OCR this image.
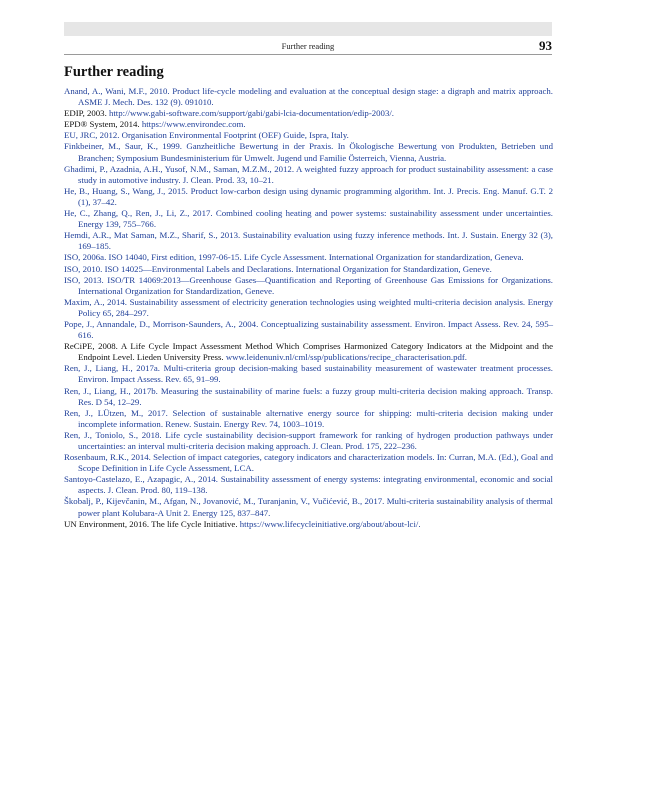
Further reading	93
Further reading
Anand, A., Wani, M.F., 2010. Product life-cycle modeling and evaluation at the conceptual design stage: a digraph and matrix approach. ASME J. Mech. Des. 132 (9). 091010.
EDIP, 2003. http://www.gabi-software.com/support/gabi/gabi-lcia-documentation/edip-2003/.
EPD® System, 2014. https://www.environdec.com.
EU, JRC, 2012. Organisation Environmental Footprint (OEF) Guide, Ispra, Italy.
Finkbeiner, M., Saur, K., 1999. Ganzheitliche Bewertung in der Praxis. In Ökologische Bewertung von Produkten, Betrieben und Branchen; Symposium Bundesministerium für Umwelt. Jugend und Familie Österreich, Vienna, Austria.
Ghadimi, P., Azadnia, A.H., Yusof, N.M., Saman, M.Z.M., 2012. A weighted fuzzy approach for product sustainability assessment: a case study in automotive industry. J. Clean. Prod. 33, 10–21.
He, B., Huang, S., Wang, J., 2015. Product low-carbon design using dynamic programming algorithm. Int. J. Precis. Eng. Manuf. G.T. 2 (1), 37–42.
He, C., Zhang, Q., Ren, J., Li, Z., 2017. Combined cooling heating and power systems: sustainability assessment under uncertainties. Energy 139, 755–766.
Hemdi, A.R., Mat Saman, M.Z., Sharif, S., 2013. Sustainability evaluation using fuzzy inference methods. Int. J. Sustain. Energy 32 (3), 169–185.
ISO, 2006a. ISO 14040, First edition, 1997-06-15. Life Cycle Assessment. International Organization for standardization, Geneva.
ISO, 2010. ISO 14025—Environmental Labels and Declarations. International Organization for Standardization, Geneve.
ISO, 2013. ISO/TR 14069:2013—Greenhouse Gases—Quantification and Reporting of Greenhouse Gas Emissions for Organizations. International Organization for Standardization, Geneve.
Maxim, A., 2014. Sustainability assessment of electricity generation technologies using weighted multi-criteria decision analysis. Energy Policy 65, 284–297.
Pope, J., Annandale, D., Morrison-Saunders, A., 2004. Conceptualizing sustainability assessment. Environ. Impact Assess. Rev. 24, 595–616.
ReCiPE, 2008. A Life Cycle Impact Assessment Method Which Comprises Harmonized Category Indicators at the Midpoint and the Endpoint Level. Lieden University Press. www.leidenuniv.nl/cml/ssp/publications/recipe_characterisation.pdf.
Ren, J., Liang, H., 2017a. Multi-criteria group decision-making based sustainability measurement of wastewater treatment processes. Environ. Impact Assess. Rev. 65, 91–99.
Ren, J., Liang, H., 2017b. Measuring the sustainability of marine fuels: a fuzzy group multi-criteria decision making approach. Transp. Res. D 54, 12–29.
Ren, J., LÜtzen, M., 2017. Selection of sustainable alternative energy source for shipping: multi-criteria decision making under incomplete information. Renew. Sustain. Energy Rev. 74, 1003–1019.
Ren, J., Toniolo, S., 2018. Life cycle sustainability decision-support framework for ranking of hydrogen production pathways under uncertainties: an interval multi-criteria decision making approach. J. Clean. Prod. 175, 222–236.
Rosenbaum, R.K., 2014. Selection of impact categories, category indicators and characterization models. In: Curran, M.A. (Ed.), Goal and Scope Definition in Life Cycle Assessment, LCA.
Santoyo-Castelazo, E., Azapagic, A., 2014. Sustainability assessment of energy systems: integrating environmental, economic and social aspects. J. Clean. Prod. 80, 119–138.
Škobalj, P., Kijevčanin, M., Afgan, N., Jovanović, M., Turanjanin, V., Vučićević, B., 2017. Multi-criteria sustainability analysis of thermal power plant Kolubara-A Unit 2. Energy 125, 837–847.
UN Environment, 2016. The life Cycle Initiative. https://www.lifecycleinitiative.org/about/about-lci/.
